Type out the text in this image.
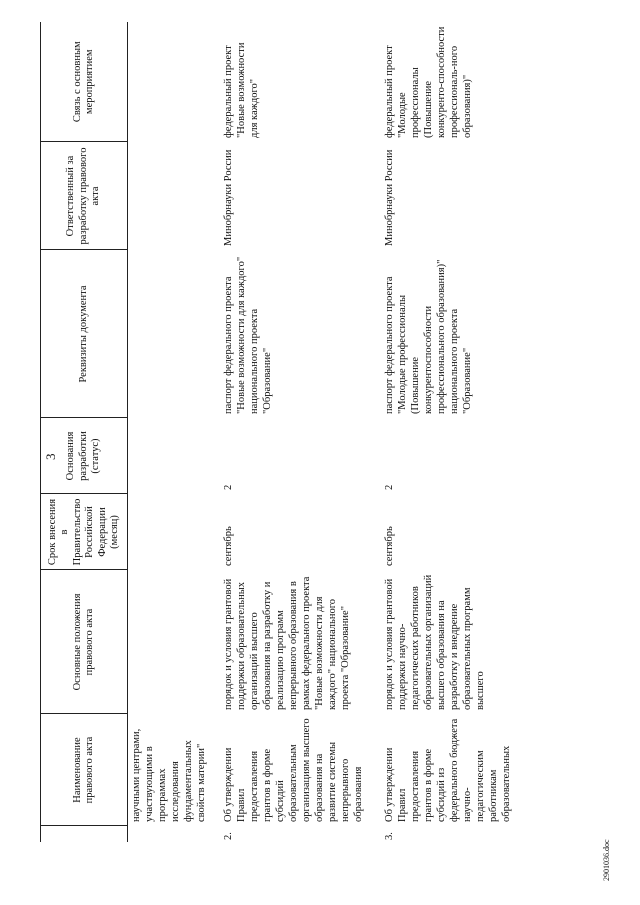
3
	Наименование правового акта	Основные положения правового акта	Срок внесения в Правительство Российской Федерации (месяц)	Основания разработки (статус)	Реквизиты документа	Ответственный за разработку правового акта	Связь с основным мероприятием
	научными центрами, участвующими в программах исследования фундаментальных свойств материи"						
2.	Об утверждении Правил предоставления грантов в форме субсидий образовательным организациям высшего образования на развитие системы непрерывного образования	порядок и условия грантовой поддержки образовательных организаций высшего образования на разработку и реализацию программ непрерывного образования в рамках федерального проекта "Новые возможности для каждого" национального проекта "Образование"	сентябрь	2	паспорт федерального проекта "Новые возможности для каждого" национального проекта "Образование"	Минобрнауки России	федеральный проект "Новые возможности для каждого"
3.	Об утверждении Правил предоставления грантов в форме субсидий из федерального бюджета научно-педагогическим работникам образовательных	порядок и условия грантовой поддержки научно-педагогических работников образовательных организаций высшего образования на разработку и внедрение образовательных программ высшего	сентябрь	2	паспорт федерального проекта "Молодые профессионалы (Повышение конкурентоспособности профессионального образования)" национального проекта "Образование"	Минобрнауки России	федеральный проект "Молодые профессионалы (Повышение конкуренто-способности профессиональ-ного образования)"
2901036.doc
